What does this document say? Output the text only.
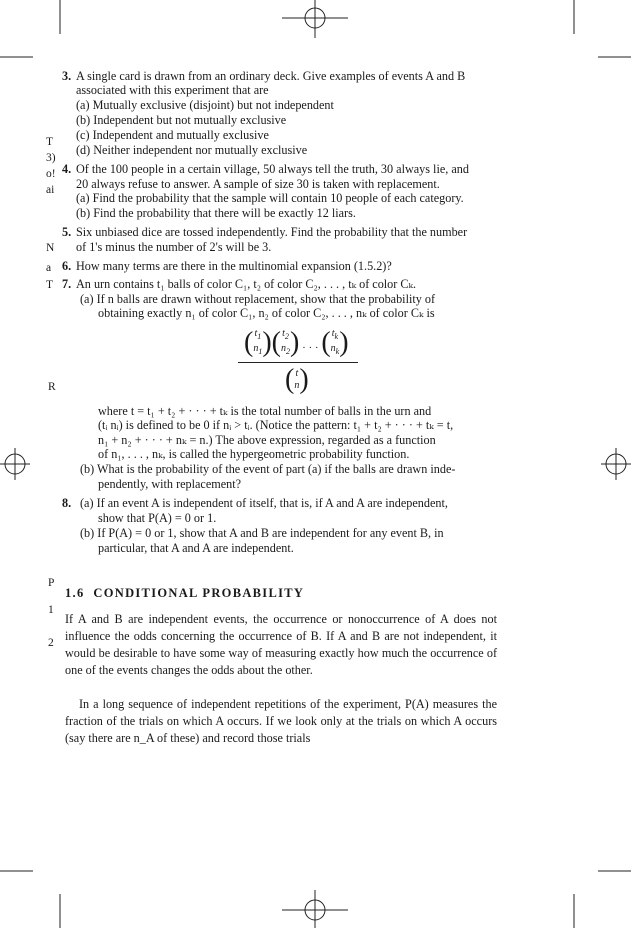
T
3)
o!
ai
N
a
T
R
P
1
2
3. A single card is drawn from an ordinary deck. Give examples of events A and B
associated with this experiment that are
(a) Mutually exclusive (disjoint) but not independent
(b) Independent but not mutually exclusive
(c) Independent and mutually exclusive
(d) Neither independent nor mutually exclusive
4. Of the 100 people in a certain village, 50 always tell the truth, 30 always lie, and
20 always refuse to answer. A sample of size 30 is taken with replacement.
(a) Find the probability that the sample will contain 10 people of each category.
(b) Find the probability that there will be exactly 12 liars.
5. Six unbiased dice are tossed independently. Find the probability that the number
of 1's minus the number of 2's will be 3.
6. How many terms are there in the multinomial expansion (1.5.2)?
7. An urn contains t₁ balls of color C₁, t₂ of color C₂, . . . , tₖ of color Cₖ.
(a) If n balls are drawn without replacement, show that the probability of
obtaining exactly n₁ of color C₁, n₂ of color C₂, . . . , nₖ of color Cₖ is
( $t_1$
$n_1$ ) ( $t_2$
$n_2$ ) · · · ( $t_k$
$n_k$ )
( t
n )
where t = t₁ + t₂ + · · · + tₖ is the total number of balls in the urn and
(tᵢ nᵢ) is defined to be 0 if nᵢ > tᵢ. (Notice the pattern: t₁ + t₂ + · · · + tₖ = t,
n₁ + n₂ + · · · + nₖ = n.) The above expression, regarded as a function
of n₁, . . . , nₖ, is called the hypergeometric probability function.
(b) What is the probability of the event of part (a) if the balls are drawn inde-
pendently, with replacement?
8. (a) If an event A is independent of itself, that is, if A and A are independent,
show that P(A) = 0 or 1.
(b) If P(A) = 0 or 1, show that A and B are independent for any event B, in
particular, that A and A are independent.
1.6 CONDITIONAL PROBABILITY
If A and B are independent events, the occurrence or nonoccurrence of A does not influence the odds concerning the occurrence of B. If A and B are not independent, it would be desirable to have some way of measuring exactly how much the occurrence of one of the events changes the odds about the other.
In a long sequence of independent repetitions of the experiment, P(A) measures the fraction of the trials on which A occurs. If we look only at the trials on which A occurs (say there are n_A of these) and record those trials
